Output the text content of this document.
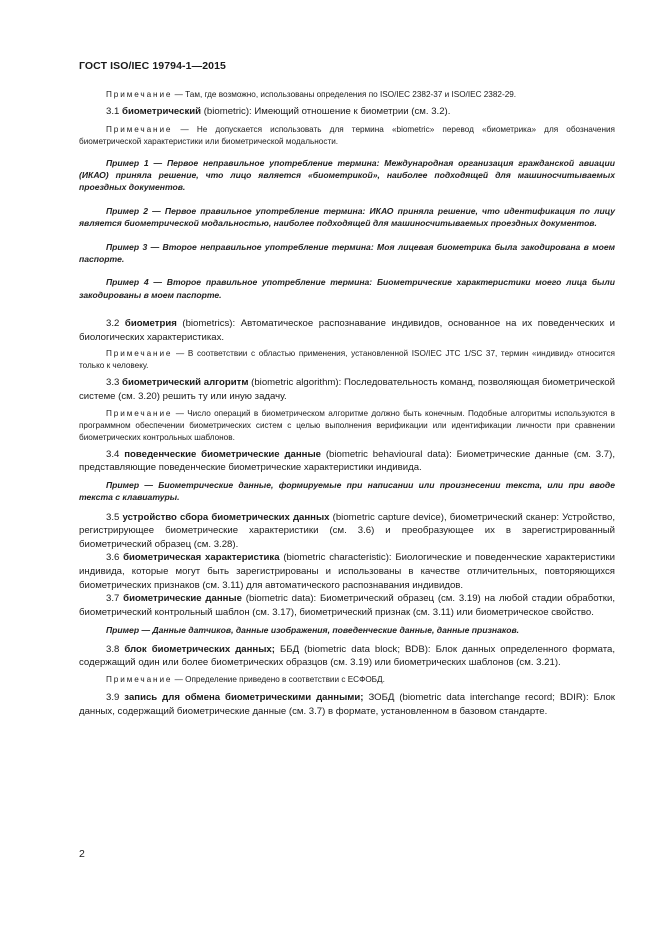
ГОСТ ISO/IEC 19794-1—2015

Примечание — Там, где возможно, использованы определения по ISO/IEC 2382-37 и ISO/IEC 2382-29.

3.1 биометрический (biometric): Имеющий отношение к биометрии (см. 3.2).

Примечание — Не допускается использовать для термина «biometric» перевод «биометрика» для обозначения биометрической характеристики или биометрической модальности.

Пример 1 — Первое неправильное употребление термина: Международная организация гражданской авиации (ИКАО) приняла решение, что лицо является «биометрикой», наиболее подходящей для машиносчитываемых проездных документов.

Пример 2 — Первое правильное употребление термина: ИКАО приняла решение, что идентификация по лицу является биометрической модальностью, наиболее подходящей для машиносчитываемых проездных документов.

Пример 3 — Второе неправильное употребление термина: Моя лицевая биометрика была закодирована в моем паспорте.

Пример 4 — Второе правильное употребление термина: Биометрические характеристики моего лица были закодированы в моем паспорте.

3.2 биометрия (biometrics): Автоматическое распознавание индивидов, основанное на их поведенческих и биологических характеристиках.

Примечание — В соответствии с областью применения, установленной ISO/IEC JTC 1/SC 37, термин «индивид» относится только к человеку.

3.3 биометрический алгоритм (biometric algorithm): Последовательность команд, позволяющая биометрической системе (см. 3.20) решить ту или иную задачу.

Примечание — Число операций в биометрическом алгоритме должно быть конечным. Подобные алгоритмы используются в программном обеспечении биометрических систем с целью выполнения верификации или идентификации личности при сравнении биометрических контрольных шаблонов.

3.4 поведенческие биометрические данные (biometric behavioural data): Биометрические данные (см. 3.7), представляющие поведенческие биометрические характеристики индивида.

Пример — Биометрические данные, формируемые при написании или произнесении текста, или при вводе текста с клавиатуры.

3.5 устройство сбора биометрических данных (biometric capture device), биометрический сканер: Устройство, регистрирующее биометрические характеристики (см. 3.6) и преобразующее их в зарегистрированный биометрический образец (см. 3.28).

3.6 биометрическая характеристика (biometric characteristic): Биологические и поведенческие характеристики индивида, которые могут быть зарегистрированы и использованы в качестве отличительных, повторяющихся биометрических признаков (см. 3.11) для автоматического распознавания индивидов.

3.7 биометрические данные (biometric data): Биометрический образец (см. 3.19) на любой стадии обработки, биометрический контрольный шаблон (см. 3.17), биометрический признак (см. 3.11) или биометрическое свойство.

Пример — Данные датчиков, данные изображения, поведенческие данные, данные признаков.

3.8 блок биометрических данных; ББД (biometric data block; BDB): Блок данных определенного формата, содержащий один или более биометрических образцов (см. 3.19) или биометрических шаблонов (см. 3.21).

Примечание — Определение приведено в соответствии с ЕСФОБД.

3.9 запись для обмена биометрическими данными; ЗОБД (biometric data interchange record; BDIR): Блок данных, содержащий биометрические данные (см. 3.7) в формате, установленном в базовом стандарте.

2
